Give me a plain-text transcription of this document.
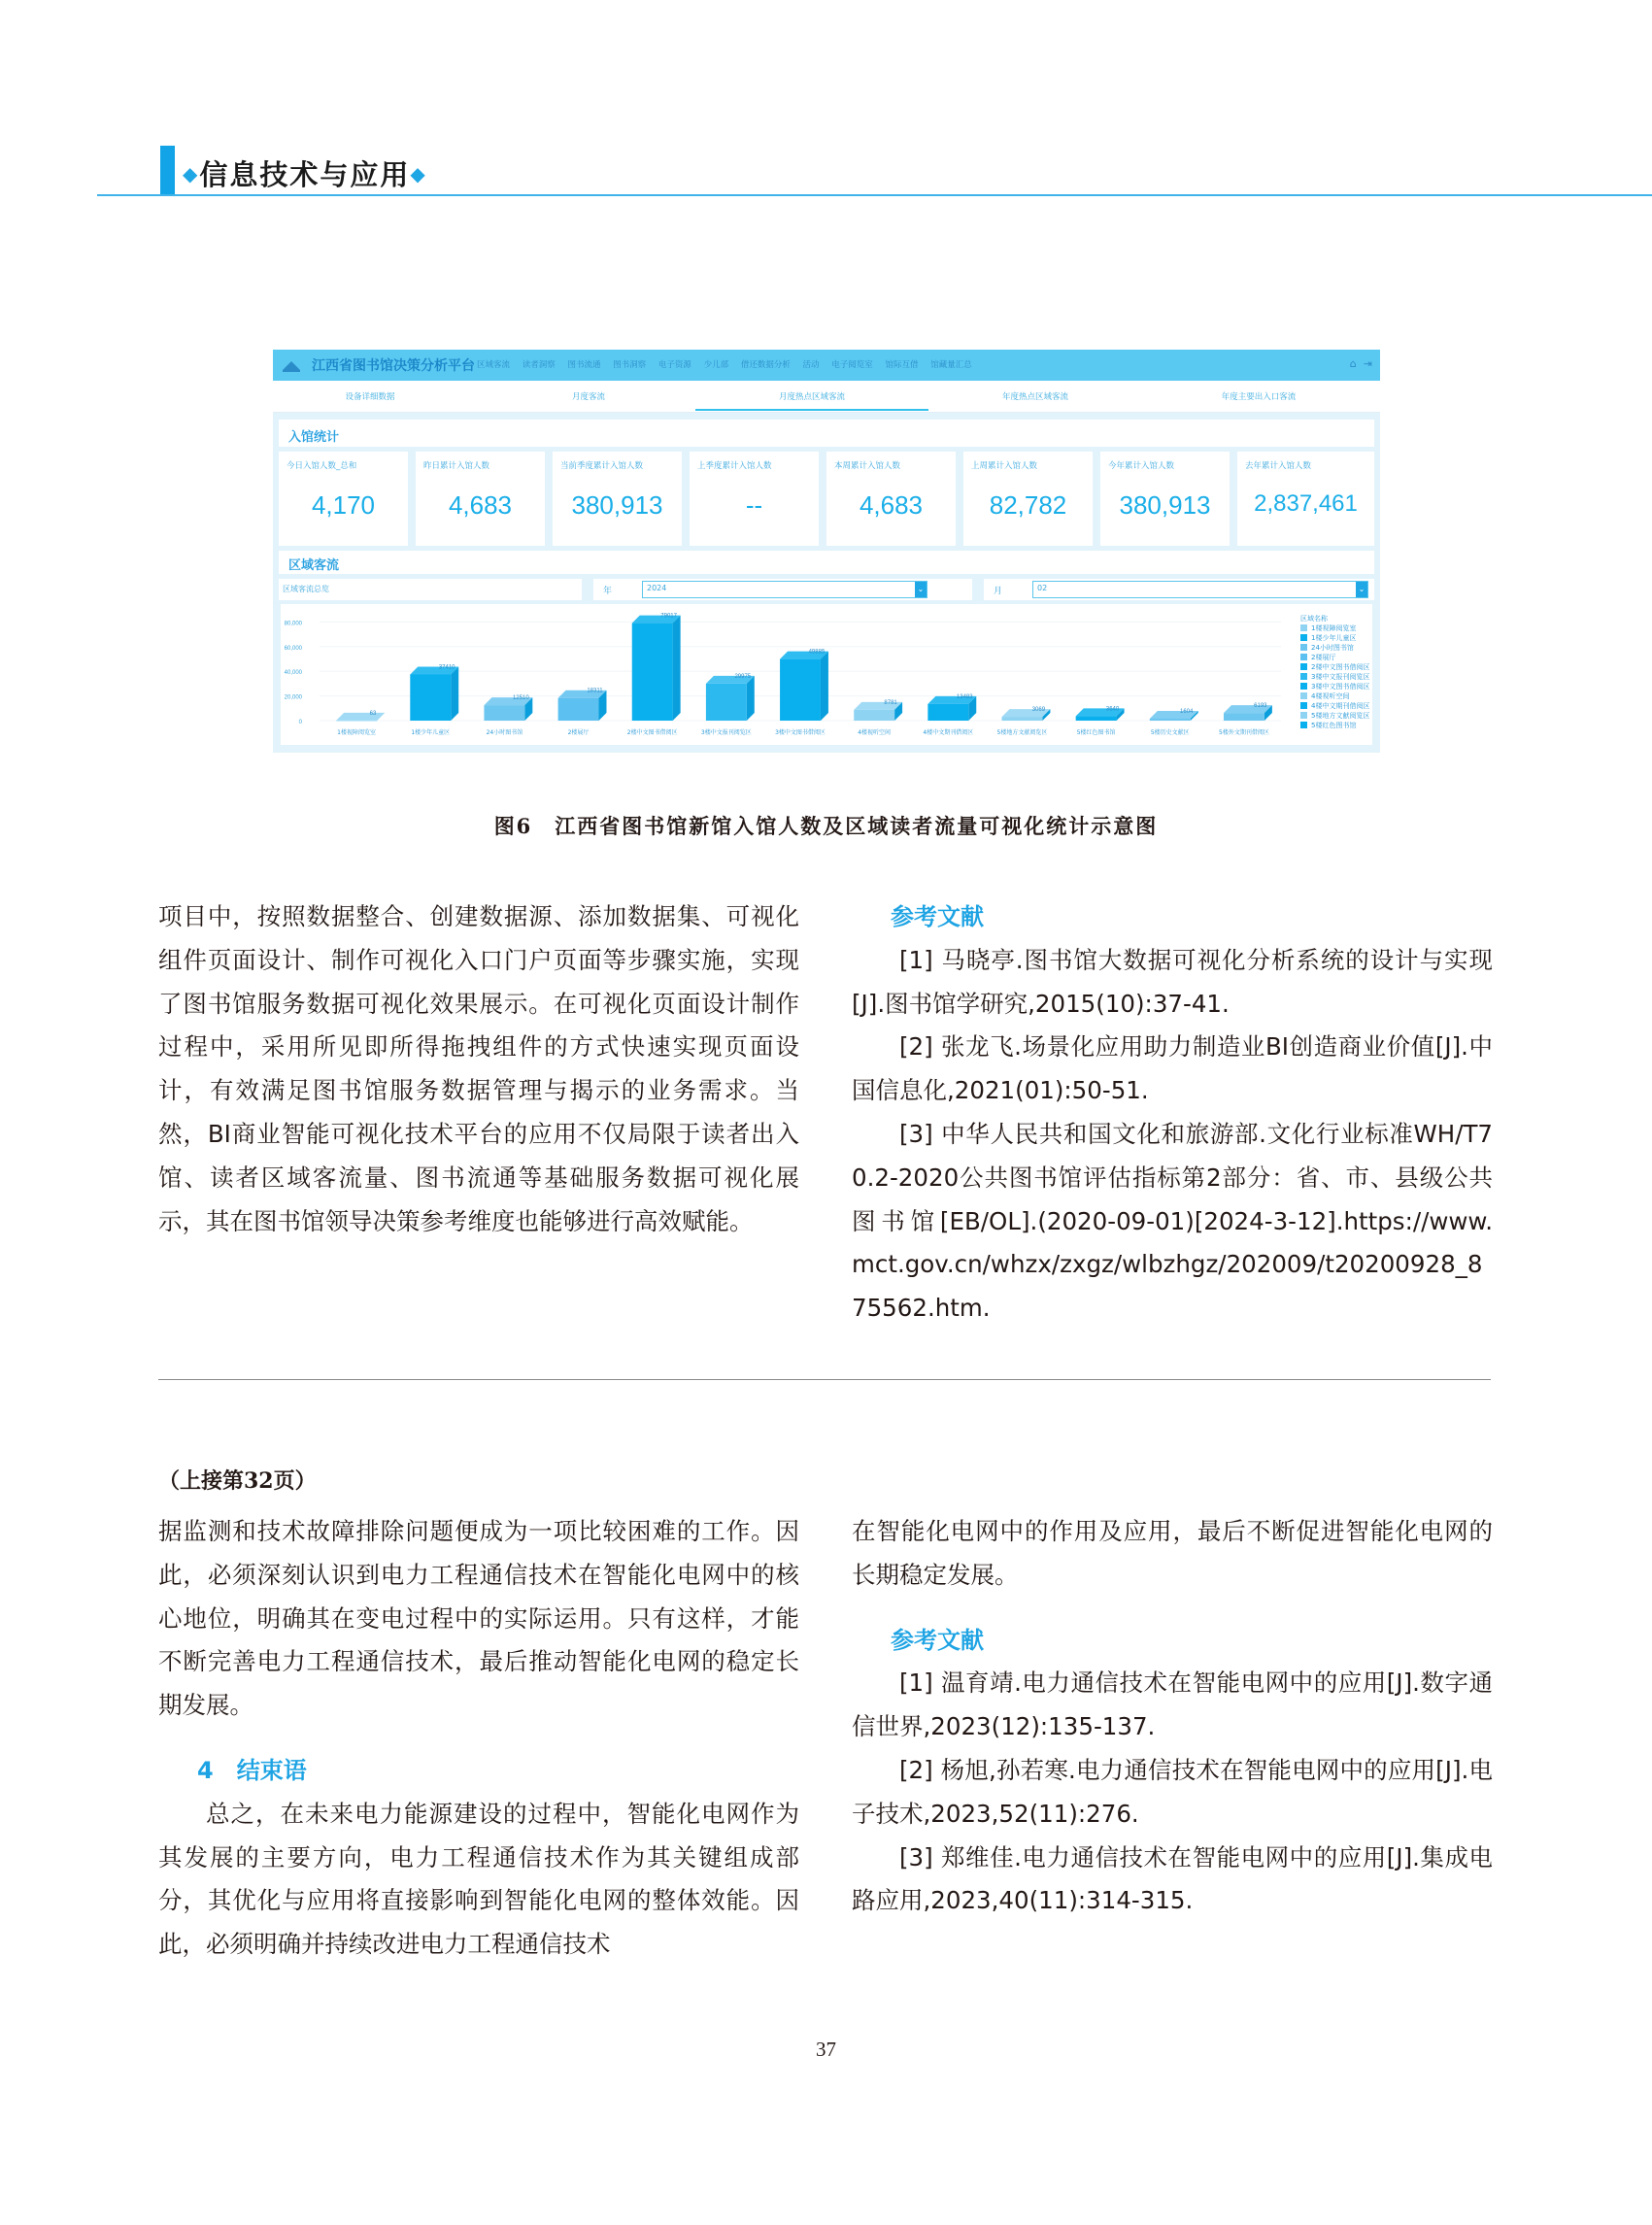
◆信息技术与应用◆
江西省图书馆决策分析平台 区域客流 读者洞察 图书流通 图书洞察 电子资源 少儿部 借还数据分析 活动 电子阅览室 馆际互借 馆藏量汇总	⌂ ⇥
设备详细数据	月度客流	月度热点区域客流	年度热点区域客流	年度主要出入口客流
入馆统计
今日入馆人数_总和
4,170
昨日累计入馆人数
4,683
当前季度累计入馆人数
380,913
上季度累计入馆人数
--
本周累计入馆人数
4,683
上周累计入馆人数
82,782
今年累计入馆人数
380,913
去年累计入馆人数
2,837,461
区域客流
区域客流总览	年	2024	⌄	月	02	⌄
0
20,000
40,000
60,000
80,000
63
1楼视障阅览室
37410
1楼少年儿童区
12510
24小时图书馆
18311
2楼展厅
79017
2楼中文图书借阅区
29975
3楼中文报刊阅览区
49885
3楼中文图书借阅区
8781
4楼视听空间
13483
4楼中文期刊借阅区
3069
5楼地方文献阅览区
3640
5楼红色图书馆
1604
5楼历史文献区
6193
5楼外文期刊借阅区
区域名称
1楼视障阅览室
1楼少年儿童区
24小时图书馆
2楼展厅
2楼中文图书借阅区
3楼中文报刊阅览区
3楼中文图书借阅区
4楼视听空间
4楼中文期刊借阅区
5楼地方文献阅览区
5楼红色图书馆
图6　江西省图书馆新馆入馆人数及区域读者流量可视化统计示意图

项目中，按照数据整合、创建数据源、添加数据集、可视化组件页面设计、制作可视化入口门户页面等步骤实施，实现了图书馆服务数据可视化效果展示。在可视化页面设计制作过程中，采用所见即所得拖拽组件的方式快速实现页面设计，有效满足图书馆服务数据管理与揭示的业务需求。当然，BI商业智能可视化技术平台的应用不仅局限于读者出入馆、读者区域客流量、图书流通等基础服务数据可视化展示，其在图书馆领导决策参考维度也能够进行高效赋能。

参考文献

[1] 马晓亭.图书馆大数据可视化分析系统的设计与实现[J].图书馆学研究,2015(10):37-41.

[2] 张龙飞.场景化应用助力制造业BI创造商业价值[J].中国信息化,2021(01):50-51.

[3] 中华人民共和国文化和旅游部.文化行业标准WH/T70.2-2020公共图书馆评估指标第2部分：省、市、县级公共图书馆[EB/OL].(2020-09-01)[2024-3-12].https://www.mct.gov.cn/whzx/zxgz/wlbzhgz/202009/t20200928_875562.htm.

（上接第32页）

据监测和技术故障排除问题便成为一项比较困难的工作。因此，必须深刻认识到电力工程通信技术在智能化电网中的核心地位，明确其在变电过程中的实际运用。只有这样，才能不断完善电力工程通信技术，最后推动智能化电网的稳定长期发展。

4　结束语

总之，在未来电力能源建设的过程中，智能化电网作为其发展的主要方向，电力工程通信技术作为其关键组成部分，其优化与应用将直接影响到智能化电网的整体效能。因此，必须明确并持续改进电力工程通信技术

在智能化电网中的作用及应用，最后不断促进智能化电网的长期稳定发展。

参考文献

[1] 温育靖.电力通信技术在智能电网中的应用[J].数字通信世界,2023(12):135-137.

[2] 杨旭,孙若寒.电力通信技术在智能电网中的应用[J].电子技术,2023,52(11):276.

[3] 郑维佳.电力通信技术在智能电网中的应用[J].集成电路应用,2023,40(11):314-315.

37
